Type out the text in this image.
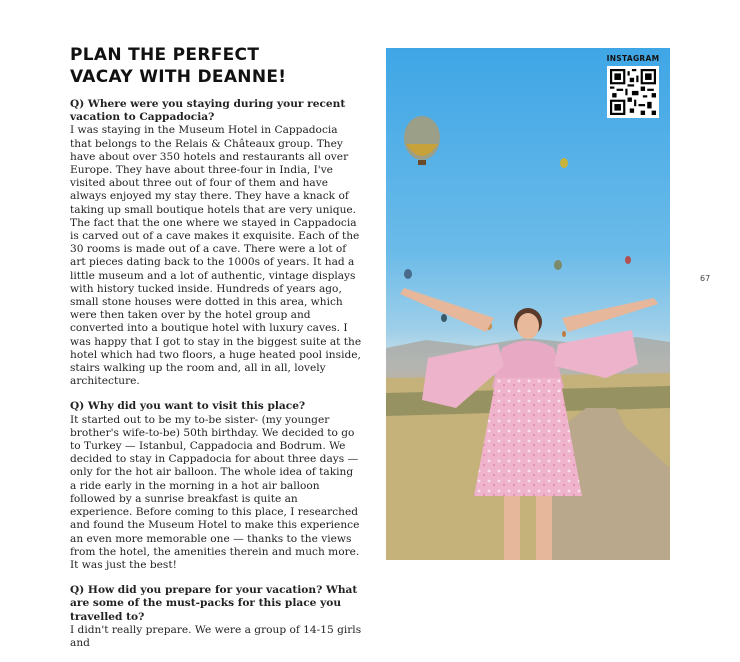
PLAN THE PERFECT
VACAY WITH DEANNE!
Q) Where were you staying during your recent vacation to Cappadocia?
I was staying in the Museum Hotel in Cappadocia that belongs to the Relais & Châteaux group. They have about over 350 hotels and restaurants all over Europe. They have about three-four in India, I've visited about three out of four of them and have always enjoyed my stay there. They have a knack of taking up small boutique hotels that are very unique. The fact that the one where we stayed in Cappadocia is carved out of a cave makes it exquisite. Each of the 30 rooms is made out of a cave. There were a lot of art pieces dating back to the 1000s of years. It had a little museum and a lot of authentic, vintage displays with history tucked inside. Hundreds of years ago, small stone houses were dotted in this area, which were then taken over by the hotel group and converted into a boutique hotel with luxury caves. I was happy that I got to stay in the biggest suite at the hotel which had two floors, a huge heated pool inside, stairs walking up the room and, all in all, lovely architecture.
Q) Why did you want to visit this place?
It started out to be my to-be sister- (my younger brother's wife-to-be) 50th birthday. We decided to go to Turkey — Istanbul, Cappadocia and Bodrum. We decided to stay in Cappadocia for about three days —only for the hot air balloon. The whole idea of taking a ride early in the morning in a hot air balloon followed by a sunrise breakfast is quite an experience. Before coming to this place, I researched and found the Museum Hotel to make this experience an even more memorable one — thanks to the views from the hotel, the amenities therein and much more. It was just the best!
Q) How did you prepare for your vacation? What are some of the must-packs for this place you travelled to?
I didn't really prepare. We were a group of 14-15 girls and
INSTAGRAM
67
